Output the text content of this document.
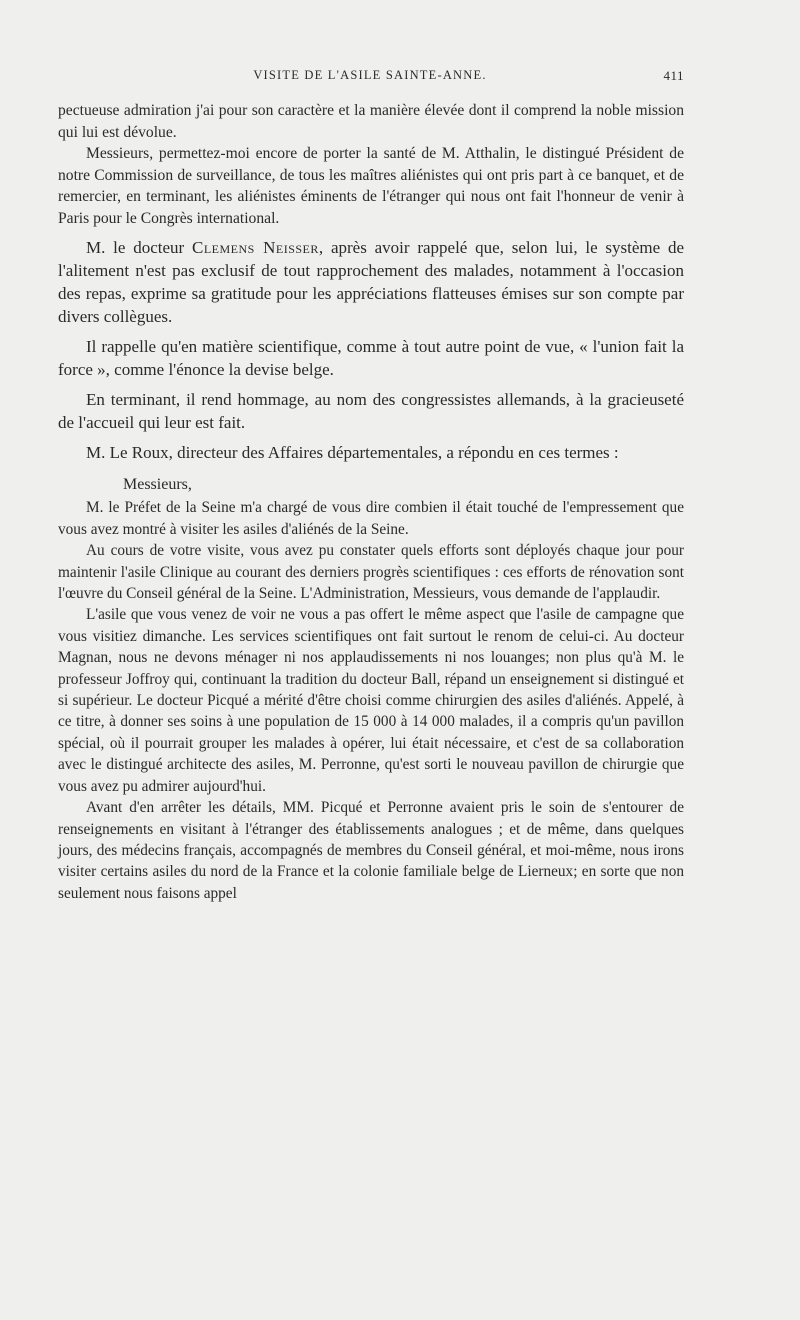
VISITE DE L'ASILE SAINTE-ANNE.	411

pectueuse admiration j'ai pour son caractère et la manière élevée dont il comprend la noble mission qui lui est dévolue.

Messieurs, permettez-moi encore de porter la santé de M. Atthalin, le distingué Président de notre Commission de surveillance, de tous les maîtres aliénistes qui ont pris part à ce banquet, et de remercier, en terminant, les aliénistes éminents de l'étranger qui nous ont fait l'honneur de venir à Paris pour le Congrès international.

M. le docteur Clemens Neisser, après avoir rappelé que, selon lui, le système de l'alitement n'est pas exclusif de tout rapprochement des malades, notamment à l'occasion des repas, exprime sa gratitude pour les appréciations flatteuses émises sur son compte par divers collègues.

Il rappelle qu'en matière scientifique, comme à tout autre point de vue, « l'union fait la force », comme l'énonce la devise belge.

En terminant, il rend hommage, au nom des congressistes allemands, à la gracieuseté de l'accueil qui leur est fait.

M. Le Roux, directeur des Affaires départementales, a répondu en ces termes :

Messieurs,

M. le Préfet de la Seine m'a chargé de vous dire combien il était touché de l'empressement que vous avez montré à visiter les asiles d'aliénés de la Seine.

Au cours de votre visite, vous avez pu constater quels efforts sont déployés chaque jour pour maintenir l'asile Clinique au courant des derniers progrès scientifiques : ces efforts de rénovation sont l'œuvre du Conseil général de la Seine. L'Administration, Messieurs, vous demande de l'applaudir.

L'asile que vous venez de voir ne vous a pas offert le même aspect que l'asile de campagne que vous visitiez dimanche. Les services scientifiques ont fait surtout le renom de celui-ci. Au docteur Magnan, nous ne devons ménager ni nos applaudissements ni nos louanges; non plus qu'à M. le professeur Joffroy qui, continuant la tradition du docteur Ball, répand un enseignement si distingué et si supérieur. Le docteur Picqué a mérité d'être choisi comme chirurgien des asiles d'aliénés. Appelé, à ce titre, à donner ses soins à une population de 15 000 à 14 000 malades, il a compris qu'un pavillon spécial, où il pourrait grouper les malades à opérer, lui était nécessaire, et c'est de sa collaboration avec le distingué architecte des asiles, M. Perronne, qu'est sorti le nouveau pavillon de chirurgie que vous avez pu admirer aujourd'hui.

Avant d'en arrêter les détails, MM. Picqué et Perronne avaient pris le soin de s'entourer de renseignements en visitant à l'étranger des établissements analogues ; et de même, dans quelques jours, des médecins français, accompagnés de membres du Conseil général, et moi-même, nous irons visiter certains asiles du nord de la France et la colonie familiale belge de Lierneux; en sorte que non seulement nous faisons appel
